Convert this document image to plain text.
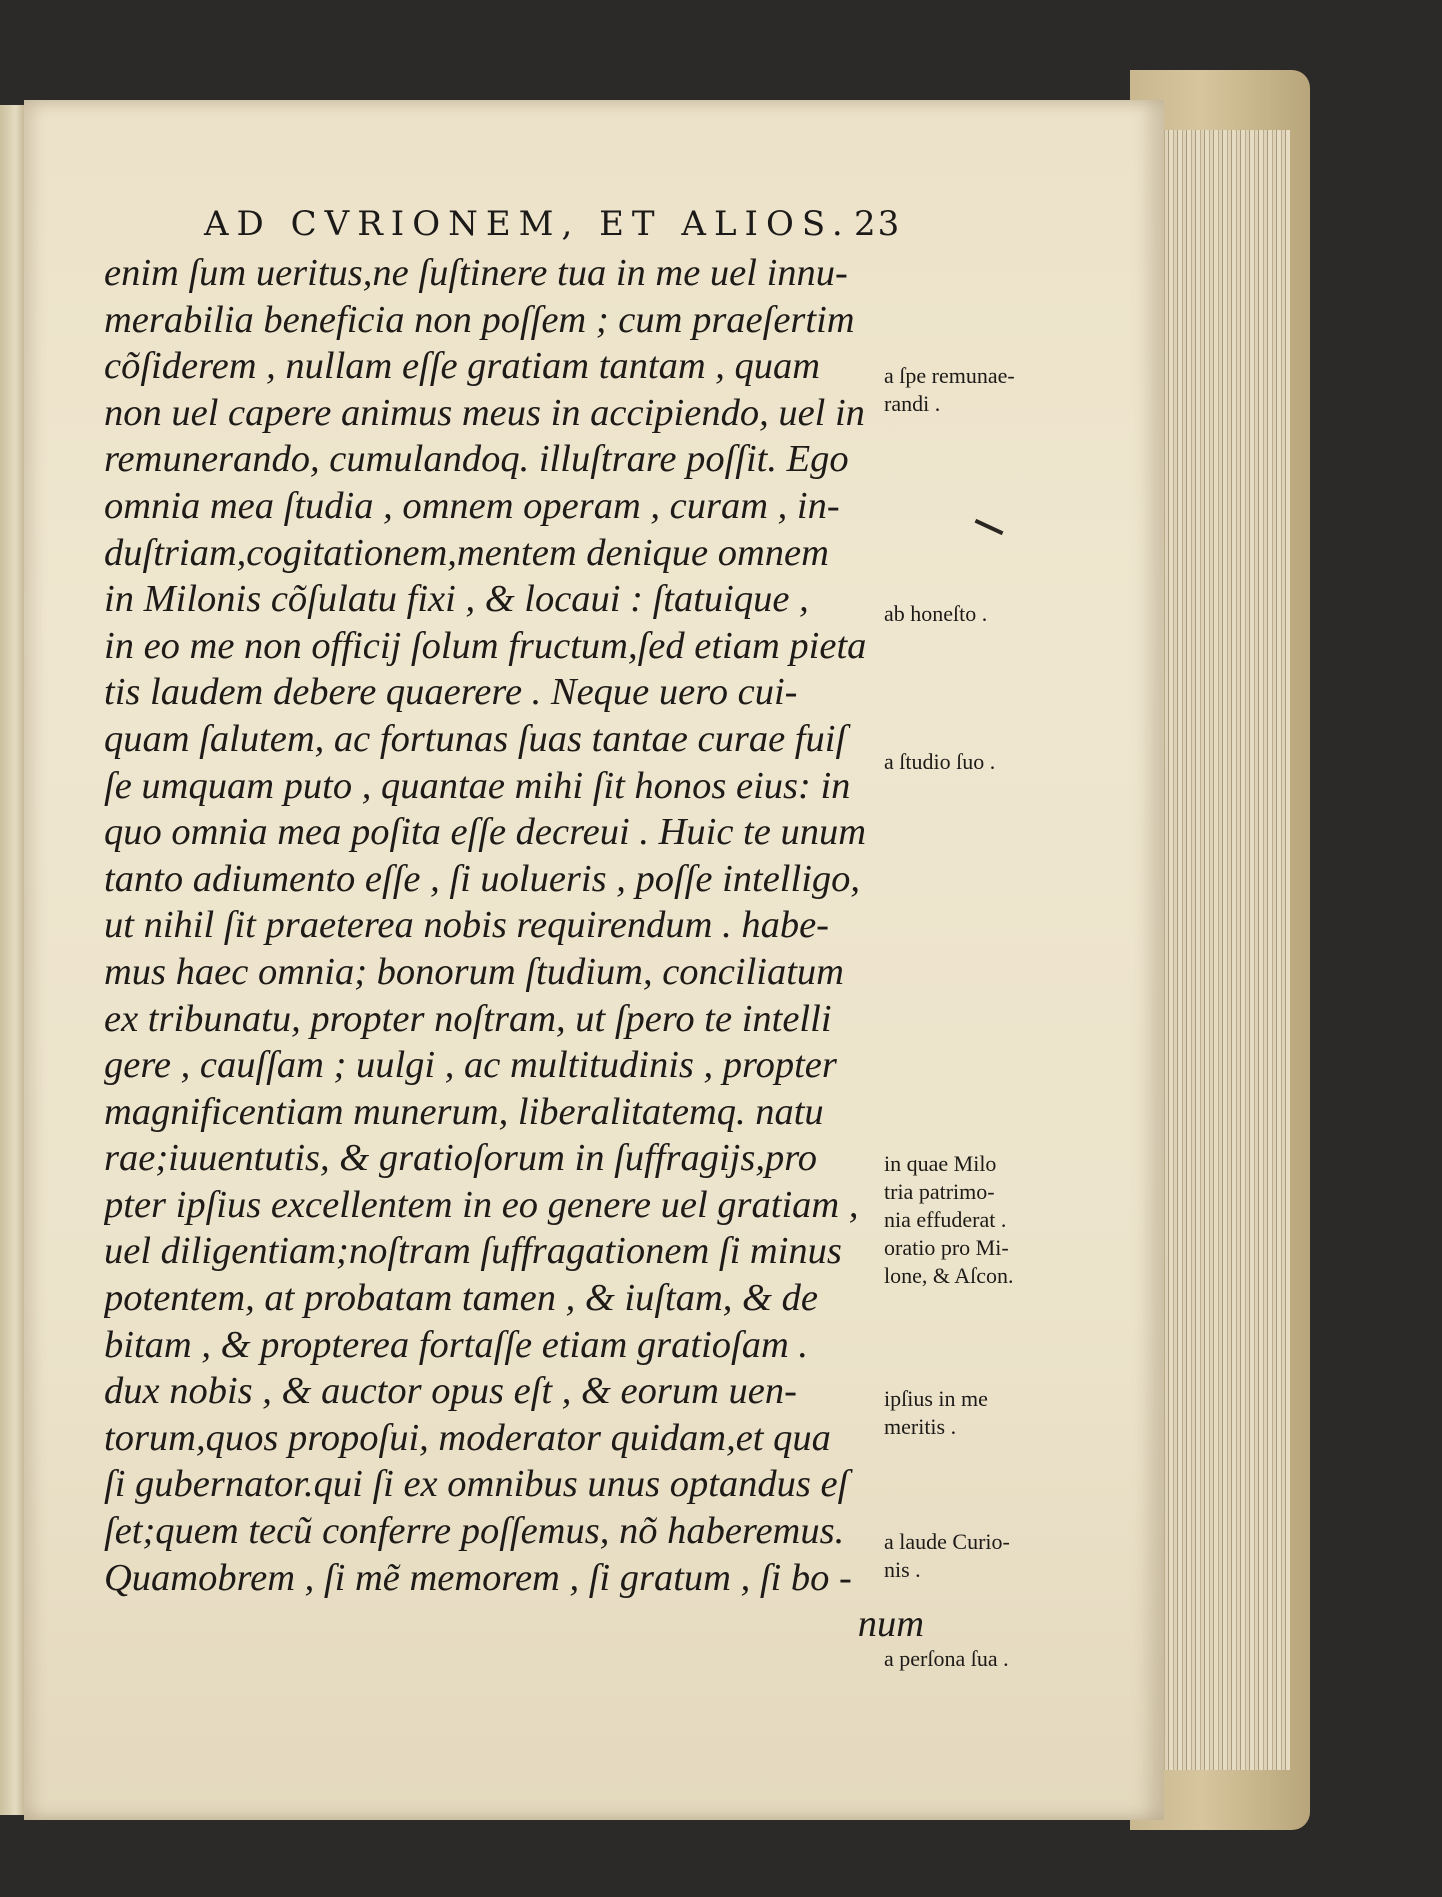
AD CVRIONEM, ET ALIOS. 23
enim ſum ueritus,ne ſuſtinere tua in me uel innu-
merabilia beneficia non poſſem ; cum praeſertim
cõſiderem , nullam eſſe gratiam tantam , quam
non uel capere animus meus in accipiendo, uel in
remunerando, cumulandoq. illuſtrare poſſit. Ego
omnia mea ſtudia , omnem operam , curam , in-
duſtriam,cogitationem,mentem denique omnem
in Milonis cõſulatu fixi , & locaui : ſtatuique ,
in eo me non officij ſolum fructum,ſed etiam pieta
tis laudem debere quaerere . Neque uero cui-
quam ſalutem, ac fortunas ſuas tantae curae fuiſ
ſe umquam puto , quantae mihi ſit honos eius: in
quo omnia mea poſita eſſe decreui . Huic te unum
tanto adiumento eſſe , ſi uolueris , poſſe intelligo,
ut nihil ſit praeterea nobis requirendum . habe-
mus haec omnia; bonorum ſtudium, conciliatum
ex tribunatu, propter noſtram, ut ſpero te intelli
gere , cauſſam ; uulgi , ac multitudinis , propter
magnificentiam munerum, liberalitatemq. natu
rae;iuuentutis, & gratioſorum in ſuffragijs,pro
pter ipſius excellentem in eo genere uel gratiam ,
uel diligentiam;noſtram ſuffragationem ſi minus
potentem, at probatam tamen , & iuſtam, & de
bitam , & propterea fortaſſe etiam gratioſam .
dux nobis , & auctor opus eſt , & eorum uen-
torum,quos propoſui, moderator quidam,et qua
ſi gubernator.qui ſi ex omnibus unus optandus eſ
ſet;quem tecũ conferre poſſemus, nõ haberemus.
Quamobrem , ſi mẽ memorem , ſi gratum , ſi bo -
num
a ſpe remunae-
randi .
ab honeſto .
a ſtudio ſuo .
in quae Milo
tria patrimo-
nia effuderat .
oratio pro Mi-
lone, & Aſcon.
ipſius in me
meritis .
a laude Curio-
nis .
a perſona ſua .
